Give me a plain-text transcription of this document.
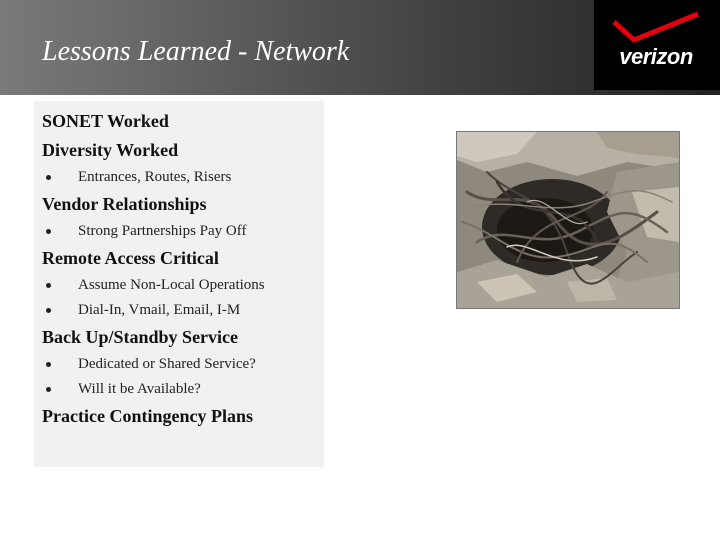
Lessons Learned - Network	verizon
SONET Worked
Diversity Worked
Entrances, Routes, Risers
Vendor Relationships
Strong Partnerships Pay Off
Remote Access Critical
Assume Non-Local Operations
Dial-In, Vmail, Email, I-M
Back Up/Standby Service
Dedicated or Shared Service?
Will it be Available?
Practice Contingency Plans
